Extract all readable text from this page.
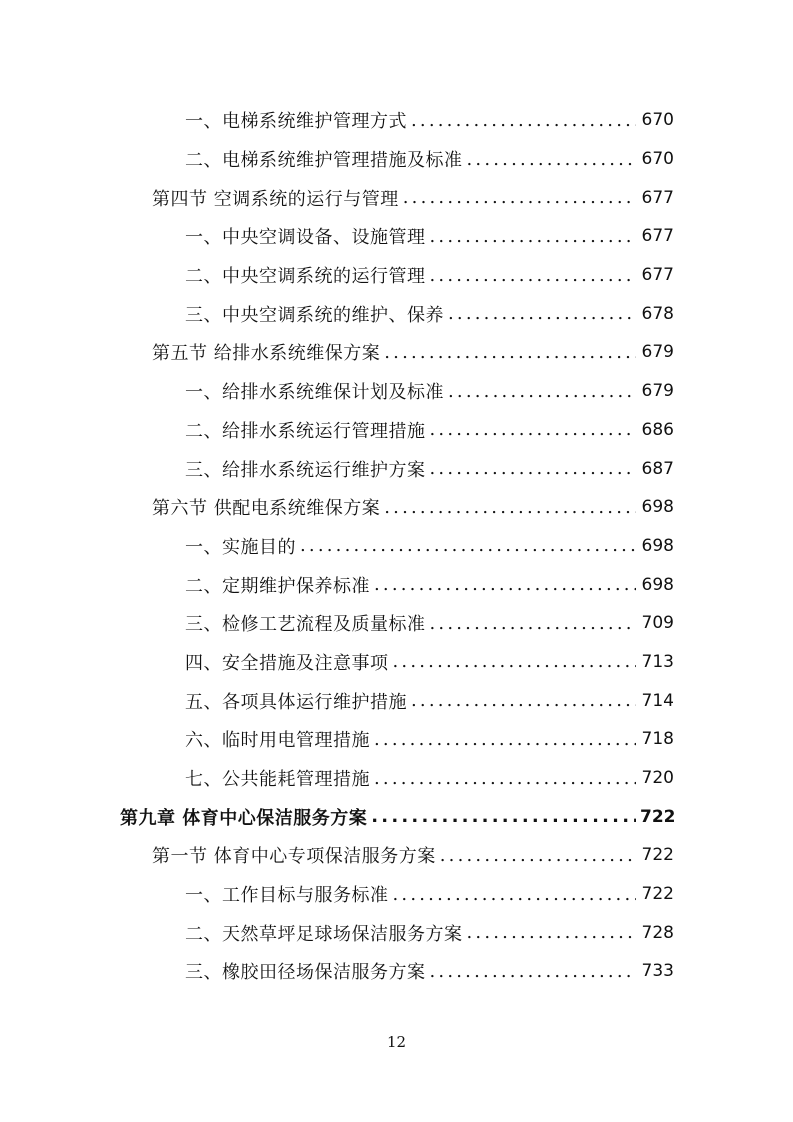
一、电梯系统维护管理方式 .....	670
二、电梯系统维护管理措施及标准 .....	670
第四节 空调系统的运行与管理 .....	677
一、中央空调设备、设施管理 .....	677
二、中央空调系统的运行管理 .....	677
三、中央空调系统的维护、保养 .....	678
第五节 给排水系统维保方案 .....	679
一、给排水系统维保计划及标准 .....	679
二、给排水系统运行管理措施 .....	686
三、给排水系统运行维护方案 .....	687
第六节 供配电系统维保方案 .....	698
一、实施目的 .....	698
二、定期维护保养标准 .....	698
三、检修工艺流程及质量标准 .....	709
四、安全措施及注意事项 .....	713
五、各项具体运行维护措施 .....	714
六、临时用电管理措施 .....	718
七、公共能耗管理措施 .....	720
第九章 体育中心保洁服务方案 .....	722
第一节 体育中心专项保洁服务方案 .....	722
一、工作目标与服务标准 .....	722
二、天然草坪足球场保洁服务方案 .....	728
三、橡胶田径场保洁服务方案 .....	733
12
